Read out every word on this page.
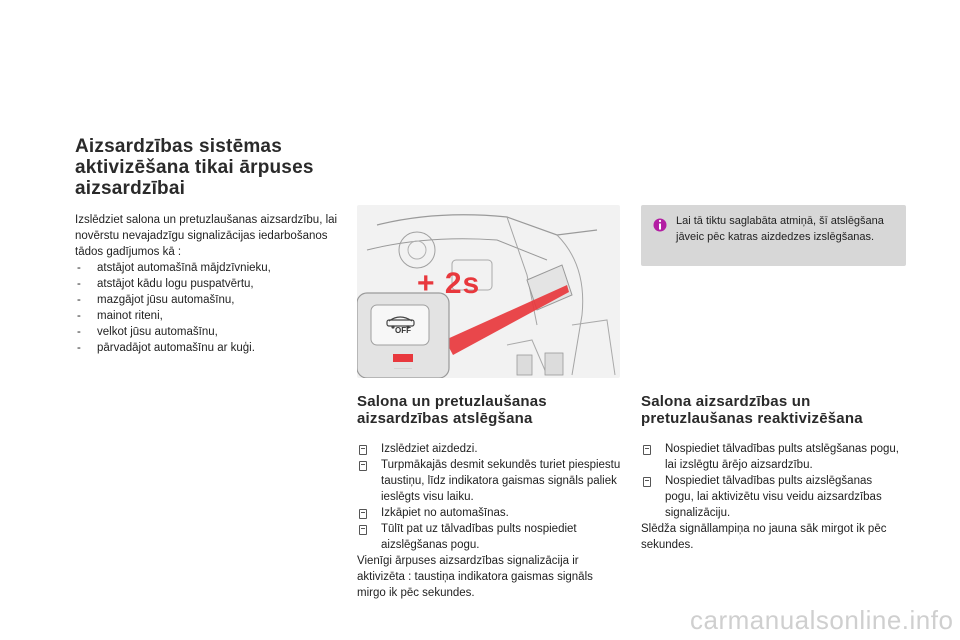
Aizsardzības sistēmas
aktivizēšana tikai ārpuses
aizsardzībai
Izslēdziet salona un pretuzlaušanas aizsardzību, lai novērstu nevajadzīgu signalizācijas iedarbošanos tādos gadījumos kā :
- atstājot automašīnā mājdzīvnieku,
- atstājot kādu logu puspatvērtu,
- mazgājot jūsu automašīnu,
- mainot riteni,
- velkot jūsu automašīnu,
- pārvadājot automašīnu ar kuģi.
OFF
+ 2s
Lai tā tiktu saglabāta atmiņā, šī atslēgšana jāveic pēc katras aizdedzes izslēgšanas.
Salona un pretuzlaušanas
aizsardzības atslēgšana
Izslēdziet aizdedzi.
Turpmākajās desmit sekundēs turiet piespiestu taustiņu, līdz indikatora gaismas signāls paliek ieslēgts visu laiku.
Izkāpiet no automašīnas.
Tūlīt pat uz tālvadības pults nospiediet aizslēgšanas pogu.
Vienīgi ārpuses aizsardzības signalizācija ir aktivizēta : taustiņa indikatora gaismas signāls mirgo ik pēc sekundes.
Salona aizsardzības un
pretuzlaušanas reaktivizēšana
Nospiediet tālvadības pults atslēgšanas pogu, lai izslēgtu ārējo aizsardzību.
Nospiediet tālvadības pults aizslēgšanas pogu, lai aktivizētu visu veidu aizsardzības signalizāciju.
Slēdža signāllampiņa no jauna sāk mirgot ik pēc sekundes.
carmanualsonline.info
